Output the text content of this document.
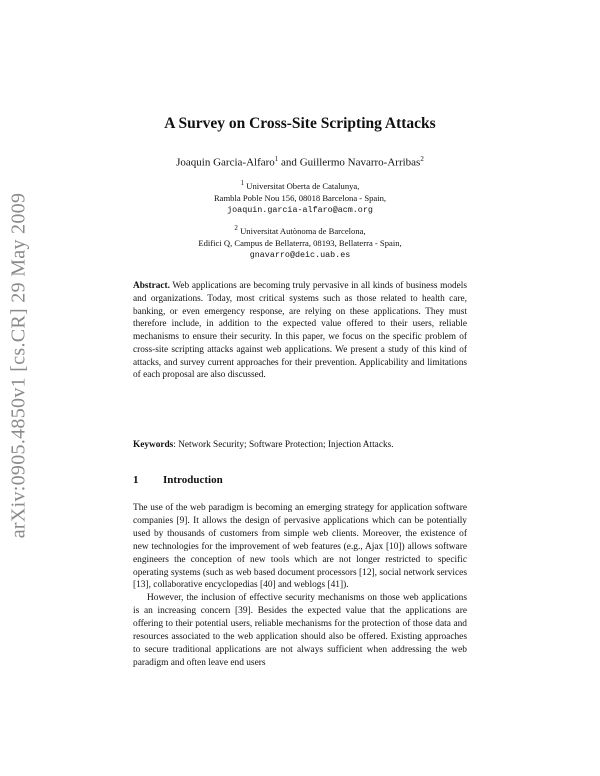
arXiv:0905.4850v1 [cs.CR] 29 May 2009
A Survey on Cross-Site Scripting Attacks
Joaquin Garcia-Alfaro$^1$ and Guillermo Navarro-Arribas$^2$
$^1$ Universitat Oberta de Catalunya,
Rambla Poble Nou 156, 08018 Barcelona - Spain,
joaquin.garcia-alfaro@acm.org
$^2$ Universitat Autònoma de Barcelona,
Edifici Q, Campus de Bellaterra, 08193, Bellaterra - Spain,
gnavarro@deic.uab.es

Abstract. Web applications are becoming truly pervasive in all kinds of business models and organizations. Today, most critical systems such as those related to health care, banking, or even emergency response, are relying on these applications. They must therefore include, in addition to the expected value offered to their users, reliable mechanisms to ensure their security. In this paper, we focus on the specific problem of cross-site scripting attacks against web applications. We present a study of this kind of attacks, and survey current approaches for their prevention. Applicability and limitations of each proposal are also discussed.

Keywords: Network Security; Software Protection; Injection Attacks.

1 Introduction

The use of the web paradigm is becoming an emerging strategy for application software companies [9]. It allows the design of pervasive applications which can be potentially used by thousands of customers from simple web clients. Moreover, the existence of new technologies for the improvement of web features (e.g., Ajax [10]) allows software engineers the conception of new tools which are not longer restricted to specific operating systems (such as web based document processors [12], social network services [13], collaborative encyclopedias [40] and weblogs [41]).

However, the inclusion of effective security mechanisms on those web applications is an increasing concern [39]. Besides the expected value that the applications are offering to their potential users, reliable mechanisms for the protection of those data and resources associated to the web application should also be offered. Existing approaches to secure traditional applications are not always sufficient when addressing the web paradigm and often leave end users
